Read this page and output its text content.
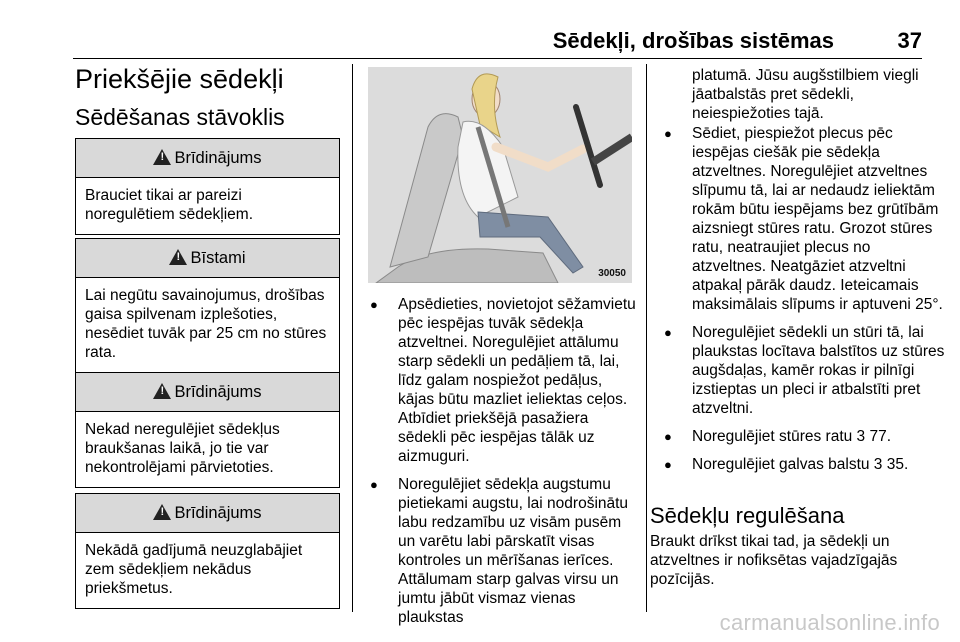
Sēdekļi, drošības sistēmas	37
Priekšējie sēdekļi
Sēdēšanas stāvoklis
!
Brīdinājums
Brauciet tikai ar pareizi noregulētiem sēdekļiem.
!
Bīstami
Lai negūtu savainojumus, drošības gaisa spilvenam izplešoties, nesēdiet tuvāk par 25 cm no stūres rata.
!
Brīdinājums
Nekad neregulējiet sēdekļus braukšanas laikā, jo tie var nekontrolējami pārvietoties.
!
Brīdinājums
Nekādā gadījumā neuzglabājiet zem sēdekļiem nekādus priekšmetus.
30050
● Apsēdieties, novietojot sēžamvietu pēc iespējas tuvāk sēdekļa atzveltnei. Noregulējiet attālumu starp sēdekli un pedāļiem tā, lai, līdz galam nospiežot pedāļus, kājas būtu mazliet ieliektas ceļos. Atbīdiet priekšējā pasažiera sēdekli pēc iespējas tālāk uz aizmuguri.
● Noregulējiet sēdekļa augstumu pietiekami augstu, lai nodrošinātu labu redzamību uz visām pusēm un varētu labi pārskatīt visas kontroles un mērīšanas ierīces. Attālumam starp galvas virsu un jumtu jābūt vismaz vienas plaukstas

platumā. Jūsu augšstilbiem viegli jāatbalstās pret sēdekli, neiespiežoties tajā.

● Sēdiet, piespiežot plecus pēc iespējas ciešāk pie sēdekļa atzveltnes. Noregulējiet atzveltnes slīpumu tā, lai ar nedaudz ieliektām rokām būtu iespējams bez grūtībām aizsniegt stūres ratu. Grozot stūres ratu, neatraujiet plecus no atzveltnes. Neatgāziet atzveltni atpakaļ pārāk daudz. Ieteicamais maksimālais slīpums ir aptuveni 25°.
● Noregulējiet sēdekli un stūri tā, lai plaukstas locītava balstītos uz stūres augšdaļas, kamēr rokas ir pilnīgi izstieptas un pleci ir atbalstīti pret atzveltni.
● Noregulējiet stūres ratu 3 77.
● Noregulējiet galvas balstu 3 35.
Sēdekļu regulēšana

Braukt drīkst tikai tad, ja sēdekļi un atzveltnes ir nofiksētas vajadzīgajās pozīcijās.

carmanualsonline.info
